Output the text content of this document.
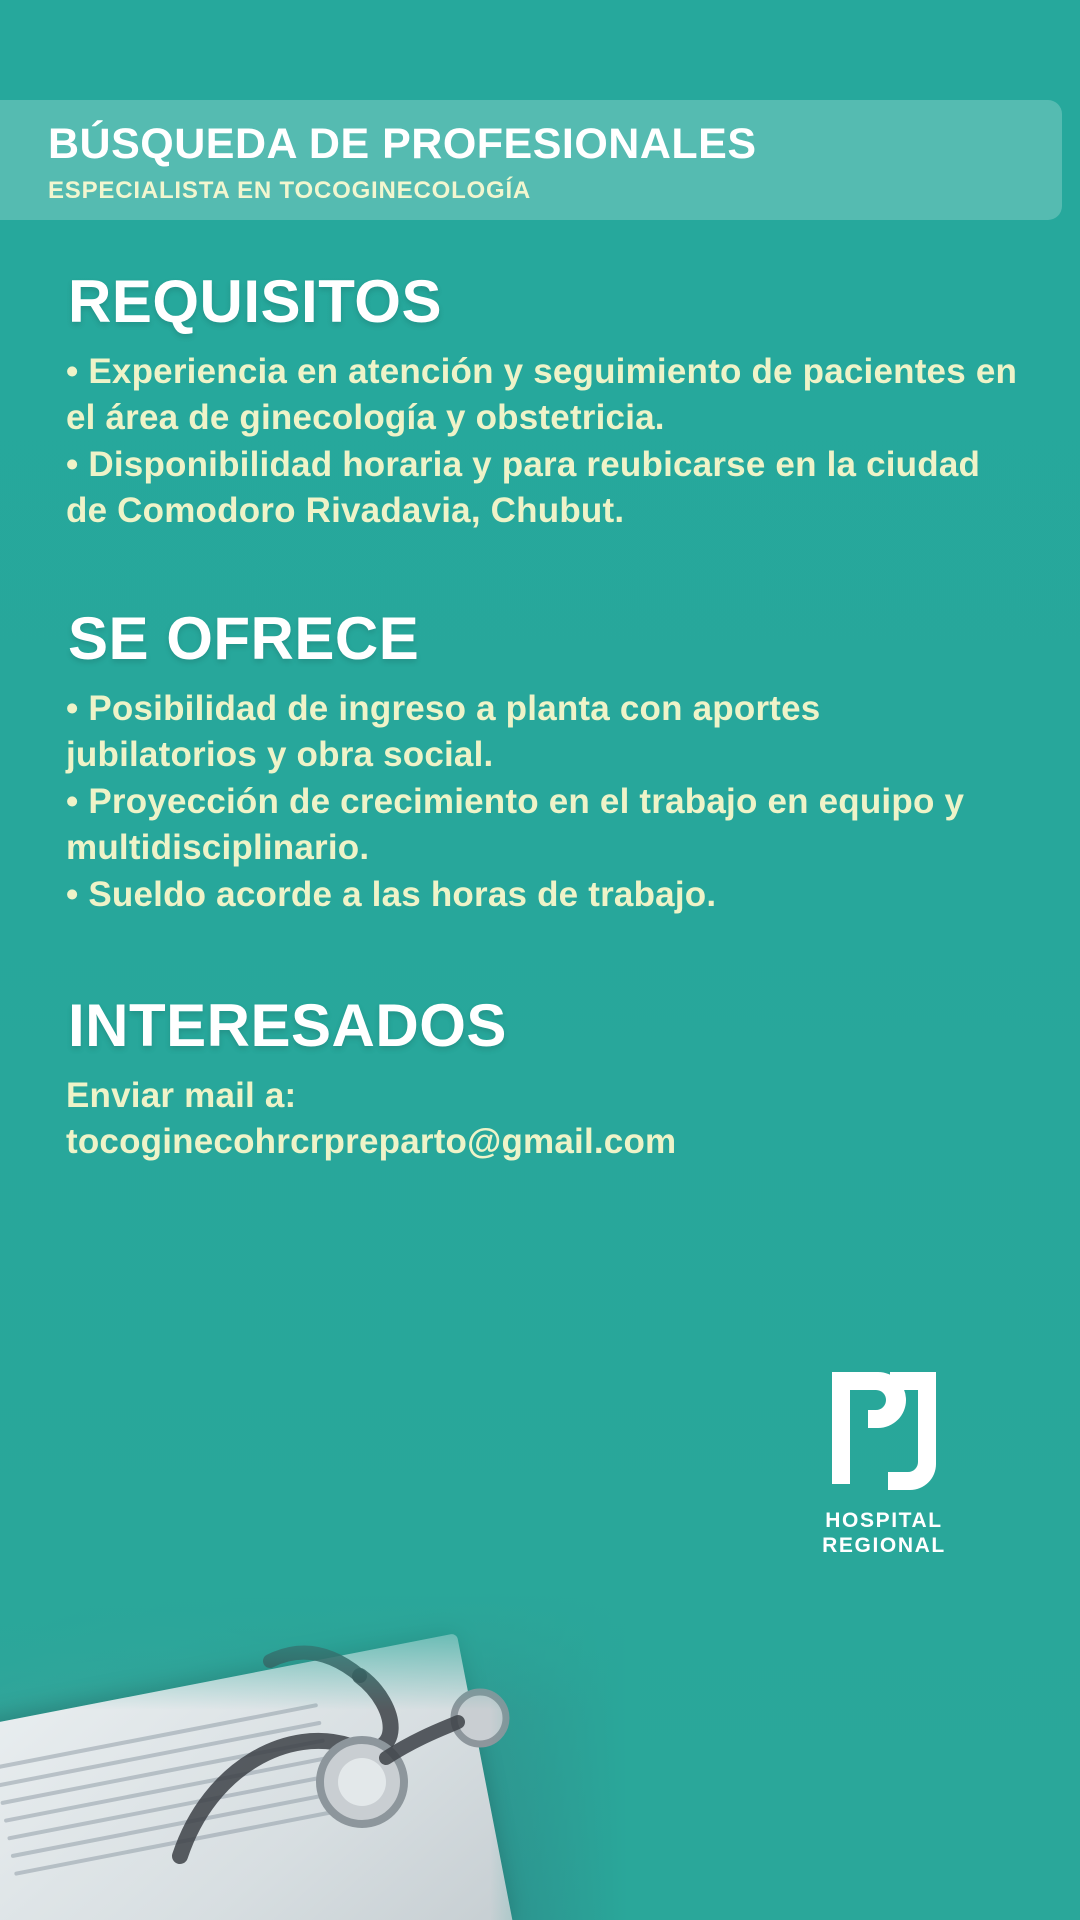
BÚSQUEDA DE PROFESIONALES
ESPECIALISTA EN TOCOGINECOLOGÍA
REQUISITOS
• Experiencia en atención y seguimiento de pacientes en el área de ginecología y obstetricia.
• Disponibilidad horaria y para reubicarse en la ciudad de Comodoro Rivadavia, Chubut.
SE OFRECE
• Posibilidad de ingreso a planta con aportes jubilatorios y obra social.
• Proyección de crecimiento en el trabajo en equipo y multidisciplinario.
• Sueldo acorde a las horas de trabajo.
INTERESADOS
Enviar mail a:
tocoginecohrcrpreparto@gmail.com
HOSPITAL
REGIONAL
